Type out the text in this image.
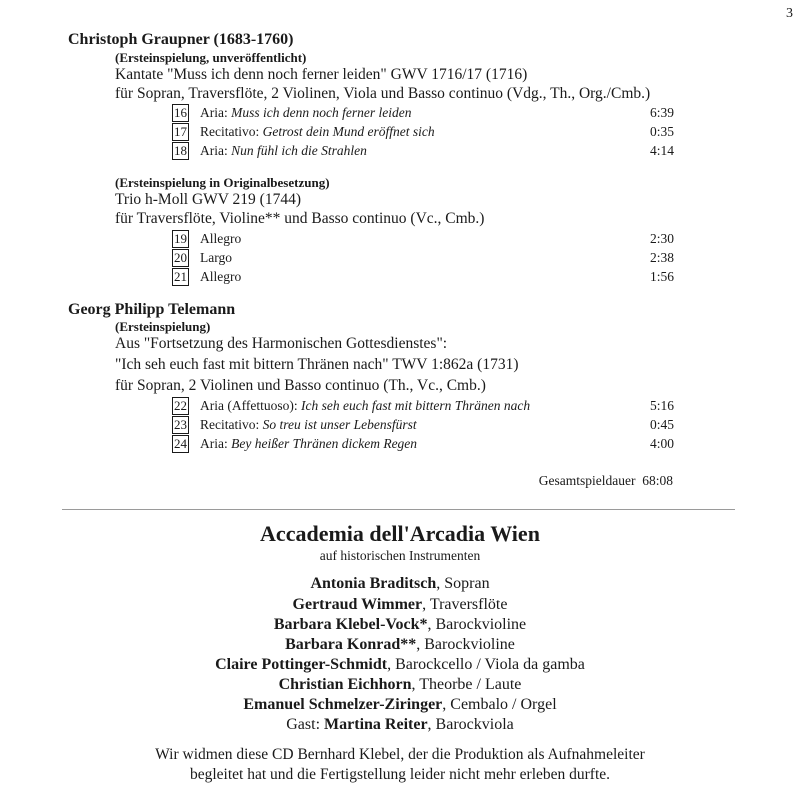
3
Christoph Graupner (1683-1760)
(Ersteinspielung, unveröffentlicht)
Kantate "Muss ich denn noch ferner leiden" GWV 1716/17 (1716)
für Sopran, Traversflöte, 2 Violinen, Viola und Basso continuo (Vdg., Th., Org./Cmb.)
16 Aria: Muss ich denn noch ferner leiden	6:39
17 Recitativo: Getrost dein Mund eröffnet sich	0:35
18 Aria: Nun fühl ich die Strahlen	4:14
(Ersteinspielung in Originalbesetzung)
Trio h-Moll GWV 219 (1744)
für Traversflöte, Violine** und Basso continuo (Vc., Cmb.)
19 Allegro	2:30
20 Largo	2:38
21 Allegro	1:56
Georg Philipp Telemann
(Ersteinspielung)
Aus "Fortsetzung des Harmonischen Gottesdienstes":
"Ich seh euch fast mit bittern Thränen nach" TWV 1:862a (1731)
für Sopran, 2 Violinen und Basso continuo (Th., Vc., Cmb.)
22 Aria (Affettuoso): Ich seh euch fast mit bittern Thränen nach	5:16
23 Recitativo: So treu ist unser Lebensfürst	0:45
24 Aria: Bey heißer Thränen dickem Regen	4:00
Gesamtspieldauer 68:08
Accademia dell'Arcadia Wien
auf historischen Instrumenten
Antonia Braditsch, Sopran
Gertraud Wimmer, Traversflöte
Barbara Klebel-Vock*, Barockvioline
Barbara Konrad**, Barockvioline
Claire Pottinger-Schmidt, Barockcello / Viola da gamba
Christian Eichhorn, Theorbe / Laute
Emanuel Schmelzer-Ziringer, Cembalo / Orgel
Gast: Martina Reiter, Barockviola
Wir widmen diese CD Bernhard Klebel, der die Produktion als Aufnahmeleiter
begleitet hat und die Fertigstellung leider nicht mehr erleben durfte.
